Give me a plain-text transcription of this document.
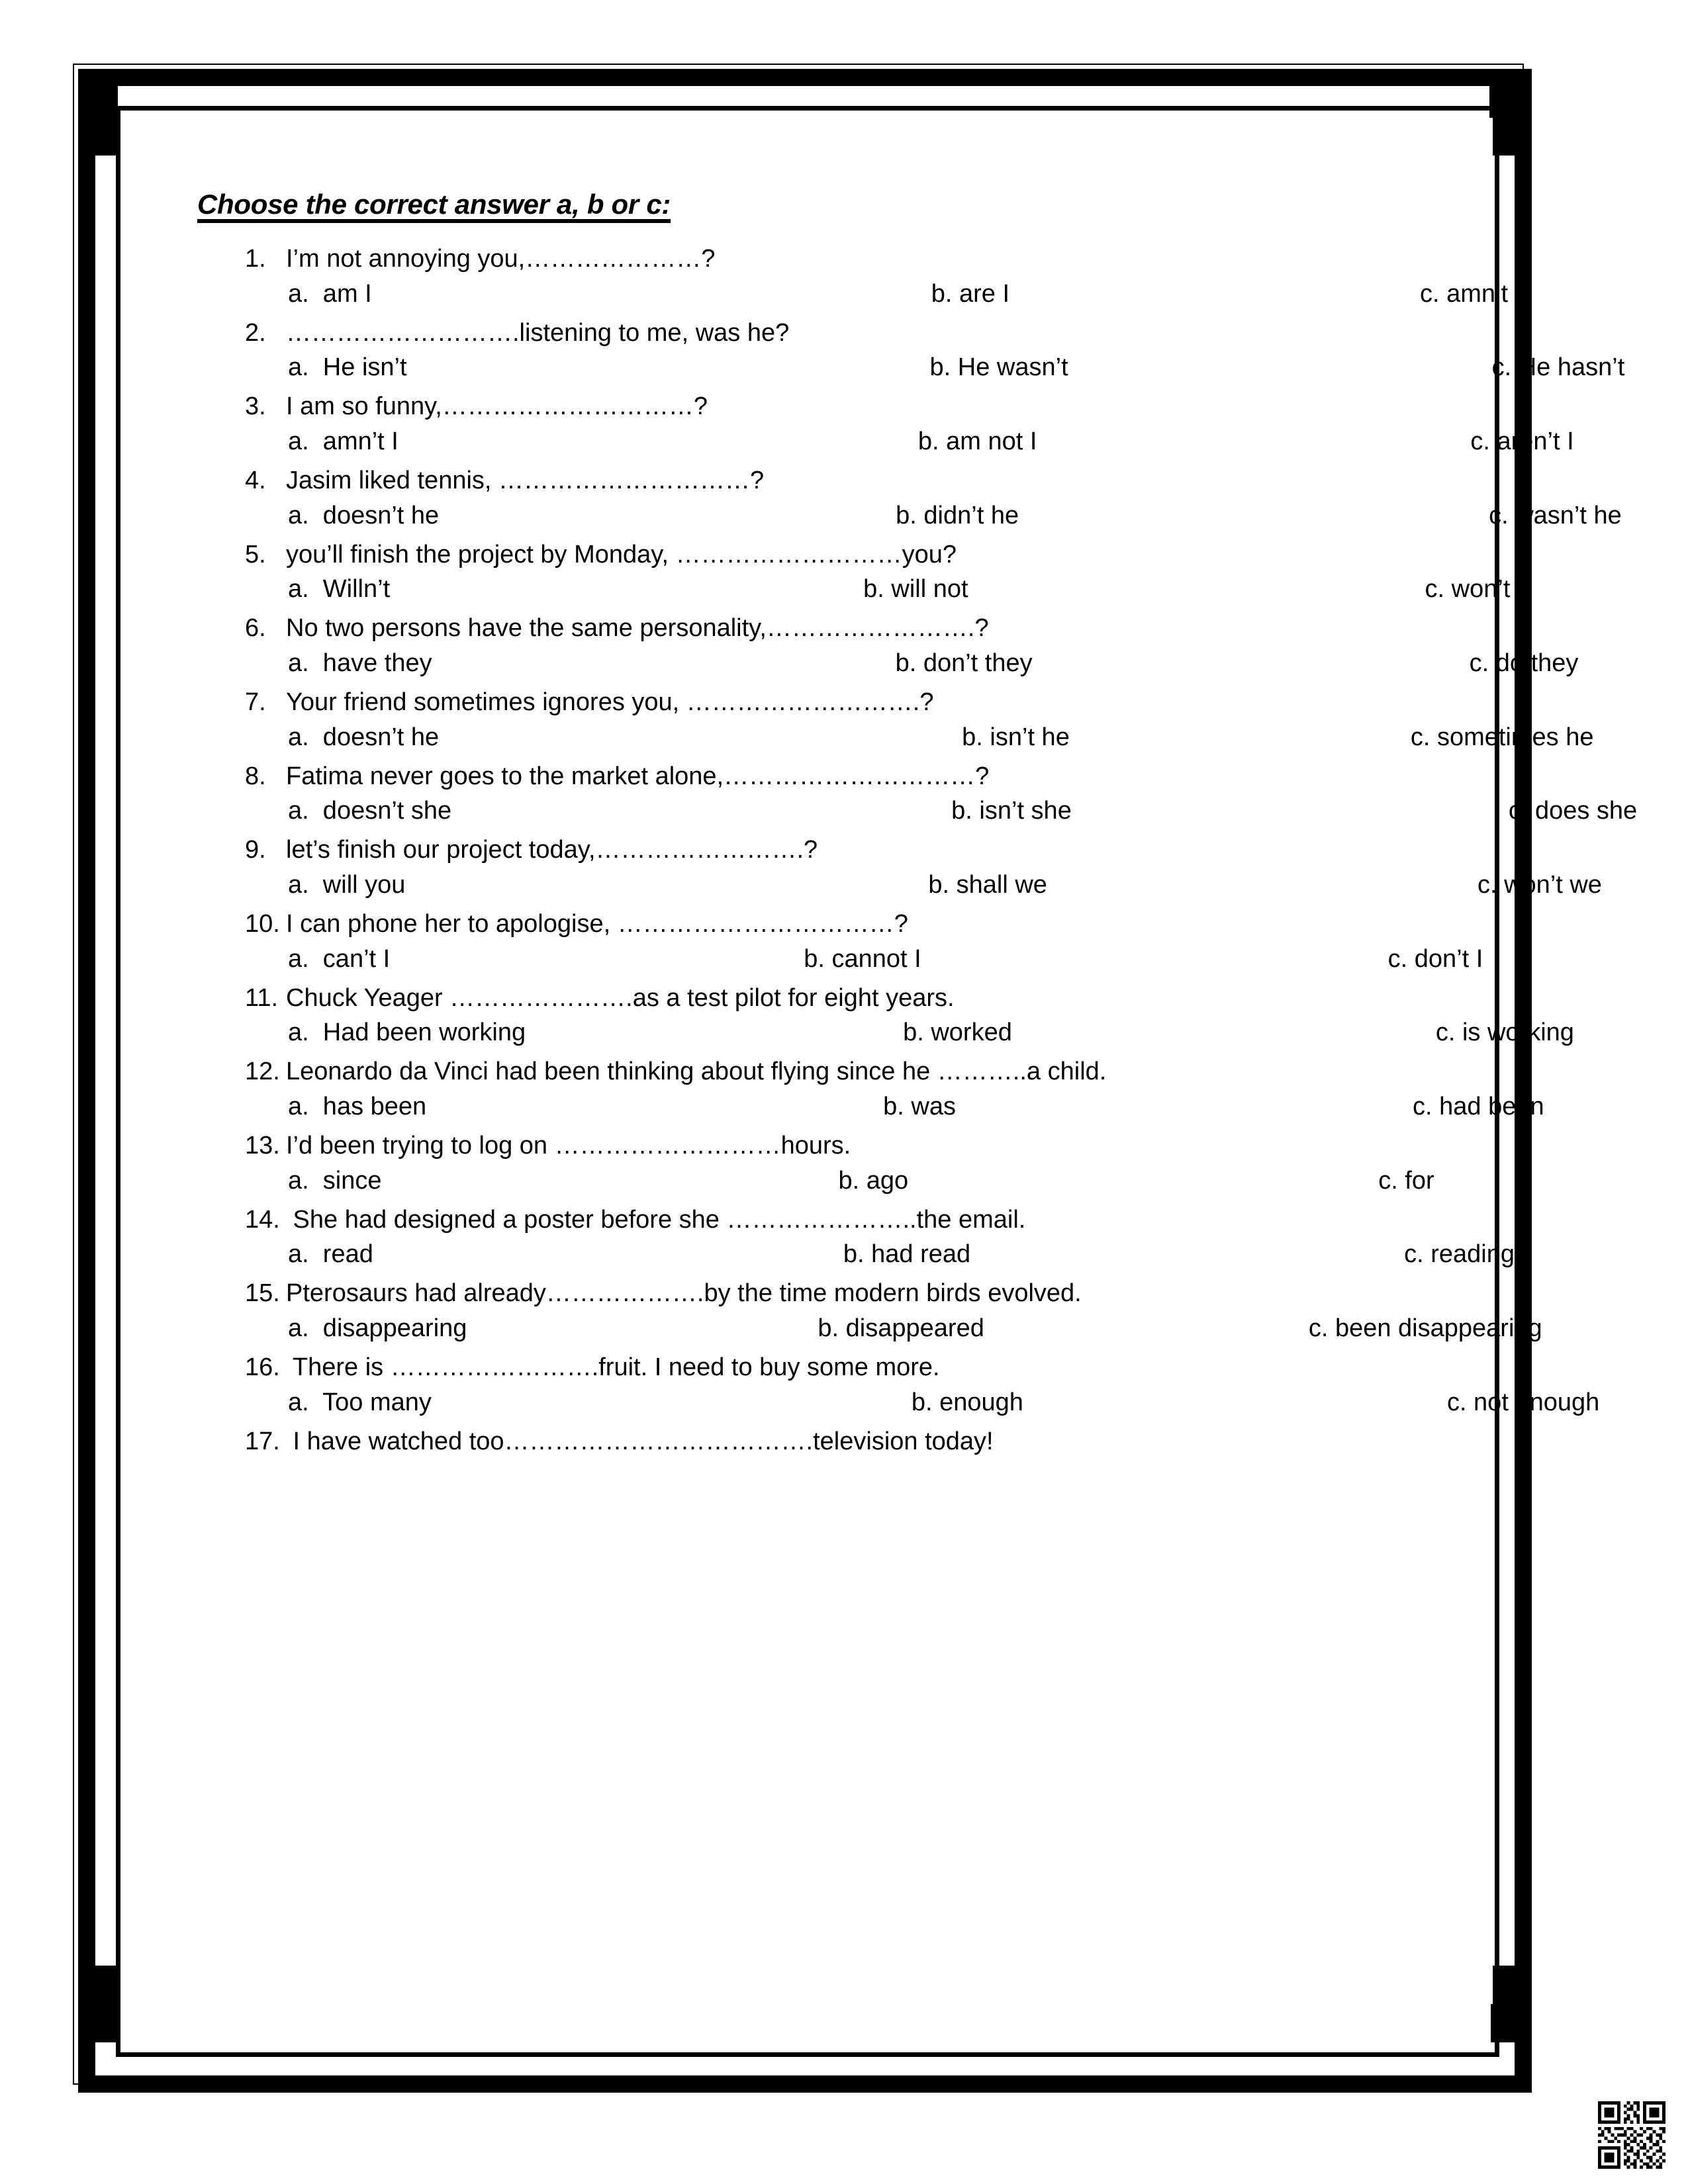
Choose the correct answer a, b or c:
1. I’m not annoying you,…………………?
a.  am I	b. are I	c. amn’t I
2. ……………………….listening to me, was he?
a.  He isn’t	b. He wasn’t	c. He hasn’t
3. I am so funny,…………………………?
a.  amn’t I	b. am not I	c. aren’t I
4. Jasim liked tennis, …………………………?
a.  doesn’t he	b. didn’t he	c. wasn’t he
5. you’ll finish the project by Monday, ………………………you?
a.  Willn’t	b. will not	c. won’t
6. No two persons have the same personality,…………………….?
a.  have they	b. don’t they	c. do they
7. Your friend sometimes ignores you, ……………………….?
a.  doesn’t he	b. isn’t he	c. sometimes he
8. Fatima never goes to the market alone,…………………………?
a.  doesn’t she	b. isn’t she	c. does she
9. let’s finish our project today,…………………….?
a.  will you	b. shall we	c. won’t we
10. I can phone her to apologise, ……………………………?
a.  can’t I	b. cannot I	c. don’t I
11. Chuck Yeager ………………….as a test pilot for eight years.
a.  Had been working	b. worked	c. is working
12. Leonardo da Vinci had been thinking about flying since he ………..a child.
a.  has been	b. was	c. had been
13. I’d been trying to log on ………………………hours.
a.  since	b. ago	c. for
14. She had designed a poster before she …………………..the email.
a.  read	b. had read	c. reading
15. Pterosaurs had already……………….by the time modern birds evolved.
a.  disappearing	b. disappeared	c. been disappearing
16. There is …………………….fruit. I need to buy some more.
a.  Too many	b. enough	c. not enough
17. I have watched too……………………………….television today!
